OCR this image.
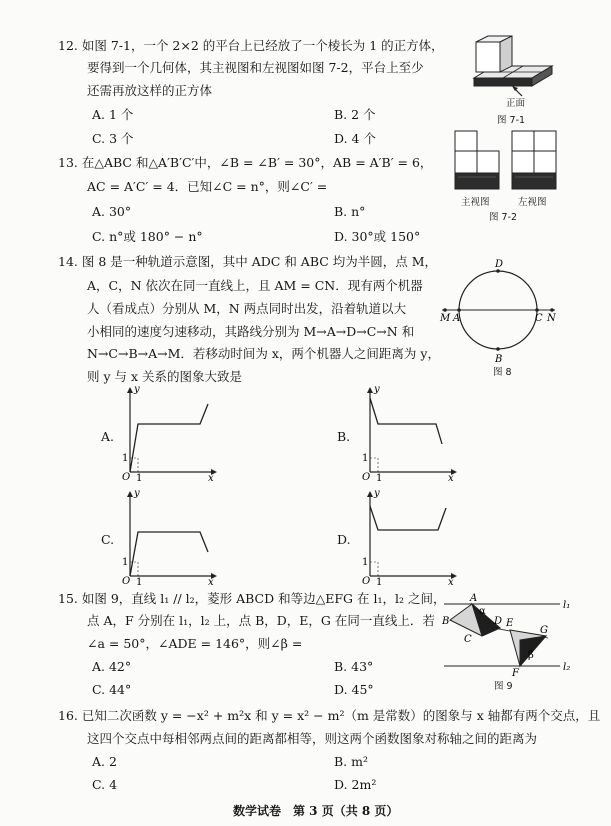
12. 如图 7-1，一个 2×2 的平台上已经放了一个棱长为 1 的正方体，
要得到一个几何体，其主视图和左视图如图 7-2，平台上至少
还需再放这样的正方体
A. 1 个	B. 2 个
C. 3 个	D. 4 个
正面
图 7-1
主视图	左视图
图 7-2
13. 在△ABC 和△A′B′C′中，∠B = ∠B′ = 30°，AB = A′B′ = 6，
AC = A′C′ = 4．已知∠C = n°，则∠C′ =
A. 30°	B. n°
C. n°或 180° − n°	D. 30°或 150°
14. 图 8 是一种轨道示意图，其中 ADC 和 ABC 均为半圆，点 M，
A，C，N 依次在同一直线上，且 AM = CN．现有两个机器
人（看成点）分别从 M，N 两点同时出发，沿着轨道以大
小相同的速度匀速移动，其路线分别为 M→A→D→C→N 和
N→C→B→A→M．若移动时间为 x，两个机器人之间距离为 y，
则 y 与 x 关系的图象大致是
D
M A	C N
B
图 8
A.	B.
C.	D.
y
1
O 1	x
y
1
O 1	x
y
1
O 1	x
y
1
O 1	x
15. 如图 9，直线 l₁ // l₂，菱形 ABCD 和等边△EFG 在 l₁，l₂ 之间，
点 A，F 分别在 l₁，l₂ 上，点 B，D，E，G 在同一直线上．若
∠a = 50°，∠ADE = 146°，则∠β =
A. 42°	B. 43°
C. 44°	D. 45°
l₁
l₂
A
α
B	D
C
E
G
β
F
图 9
16. 已知二次函数 y = −x² + m²x 和 y = x² − m²（m 是常数）的图象与 x 轴都有两个交点，且
这四个交点中每相邻两点间的距离都相等，则这两个函数图象对称轴之间的距离为
A. 2	B. m²
C. 4	D. 2m²
数学试卷　第 3 页（共 8 页）
